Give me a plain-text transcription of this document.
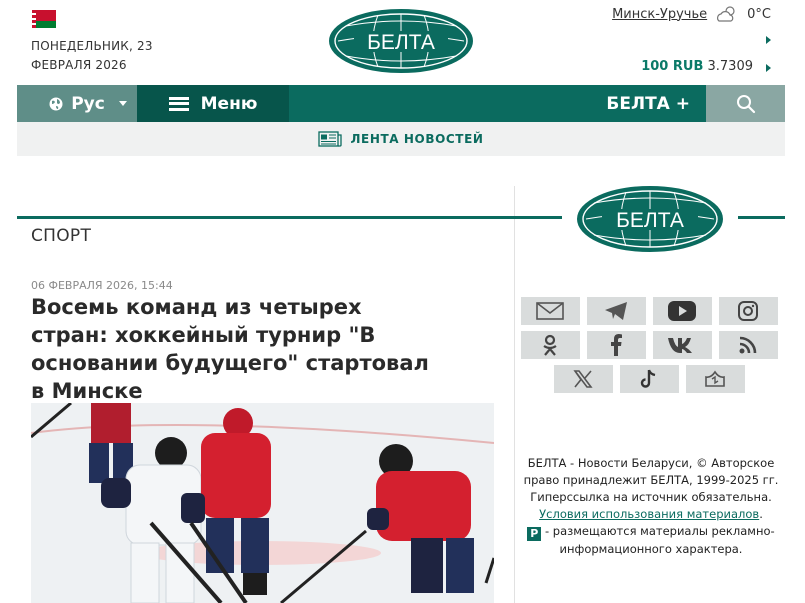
ПОНЕДЕЛЬНИК, 23
ФЕВРАЛЯ 2026
БЕЛТА
Минск-Уручье	0°C
100 RUB 3.7309
Рус	Меню	БЕЛТА +
ЛЕНТА НОВОСТЕЙ
БЕЛТА
СПОРТ
06 ФЕВРАЛЯ 2026, 15:44
Восемь команд из четырех стран: хоккейный турнир "В основании будущего" стартовал в Минске
БЕЛТА - Новости Беларуси, © Авторское право принадлежит БЕЛТА, 1999-2025 гг. Гиперссылка на источник обязательна.
Условия использования материалов.
Р - размещаются материалы рекламно-информационного характера.
